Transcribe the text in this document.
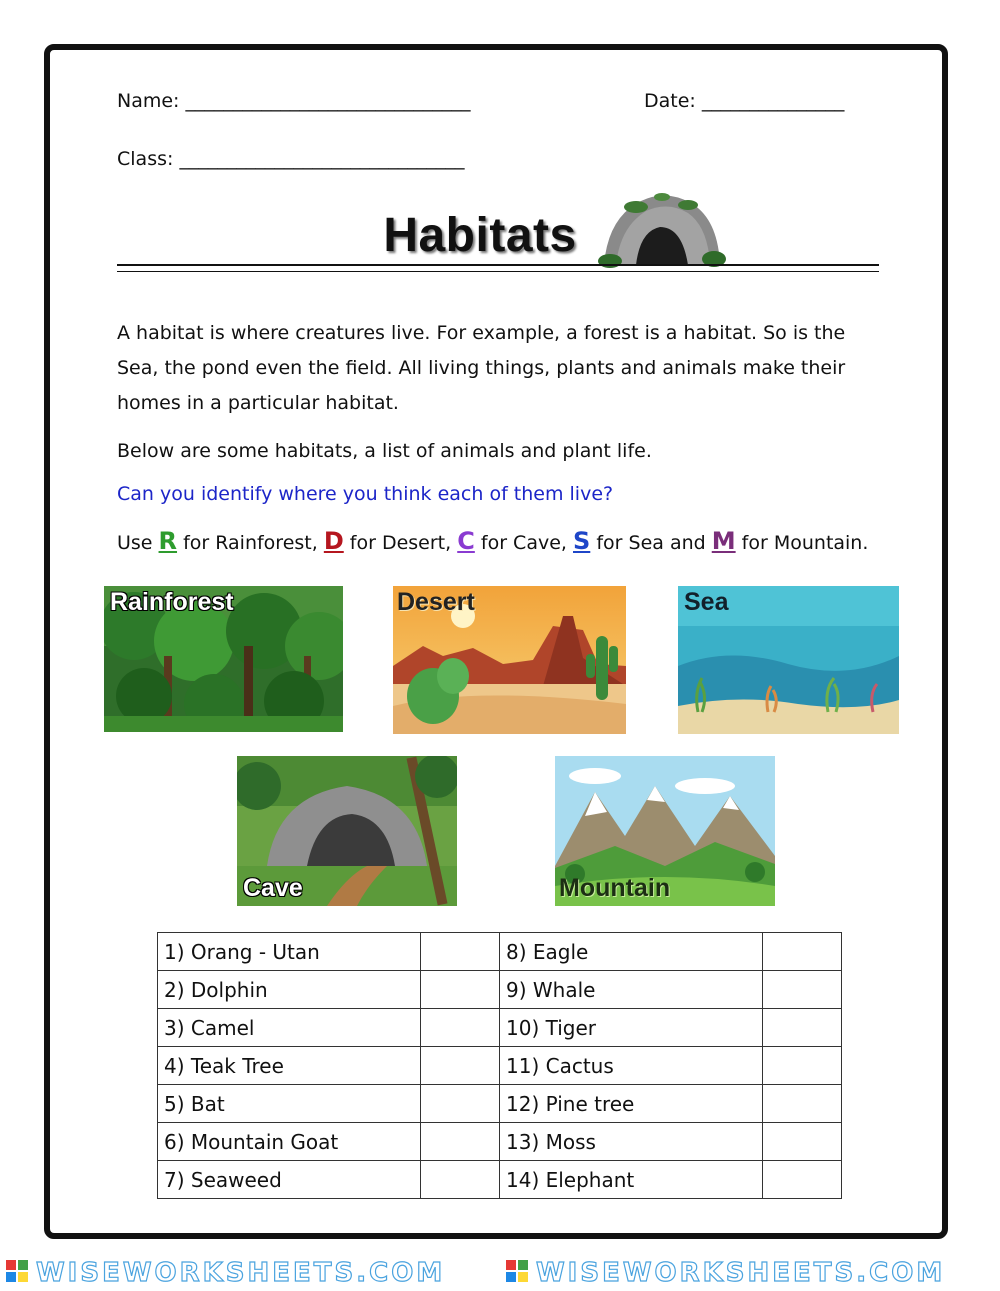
Name: ______________________________	Date: _______________
Class: ______________________________
Habitats
A habitat is where creatures live. For example, a forest is a habitat. So is the Sea, the pond even the field. All living things, plants and animals make their homes in a particular habitat.
Below are some habitats, a list of animals and plant life.
Can you identify where you think each of them live?
Use R for Rainforest, D for Desert, C for Cave, S for Sea and M for Mountain.
Rainforest	Desert	Sea
Cave	Mountain
1) Orang - Utan		8) Eagle	
2) Dolphin		9) Whale	
3) Camel		10) Tiger	
4) Teak Tree		11) Cactus	
5) Bat		12) Pine tree	
6) Mountain Goat		13) Moss	
7) Seaweed		14) Elephant	
WISEWORKSHEETS.COM	WISEWORKSHEETS.COM
